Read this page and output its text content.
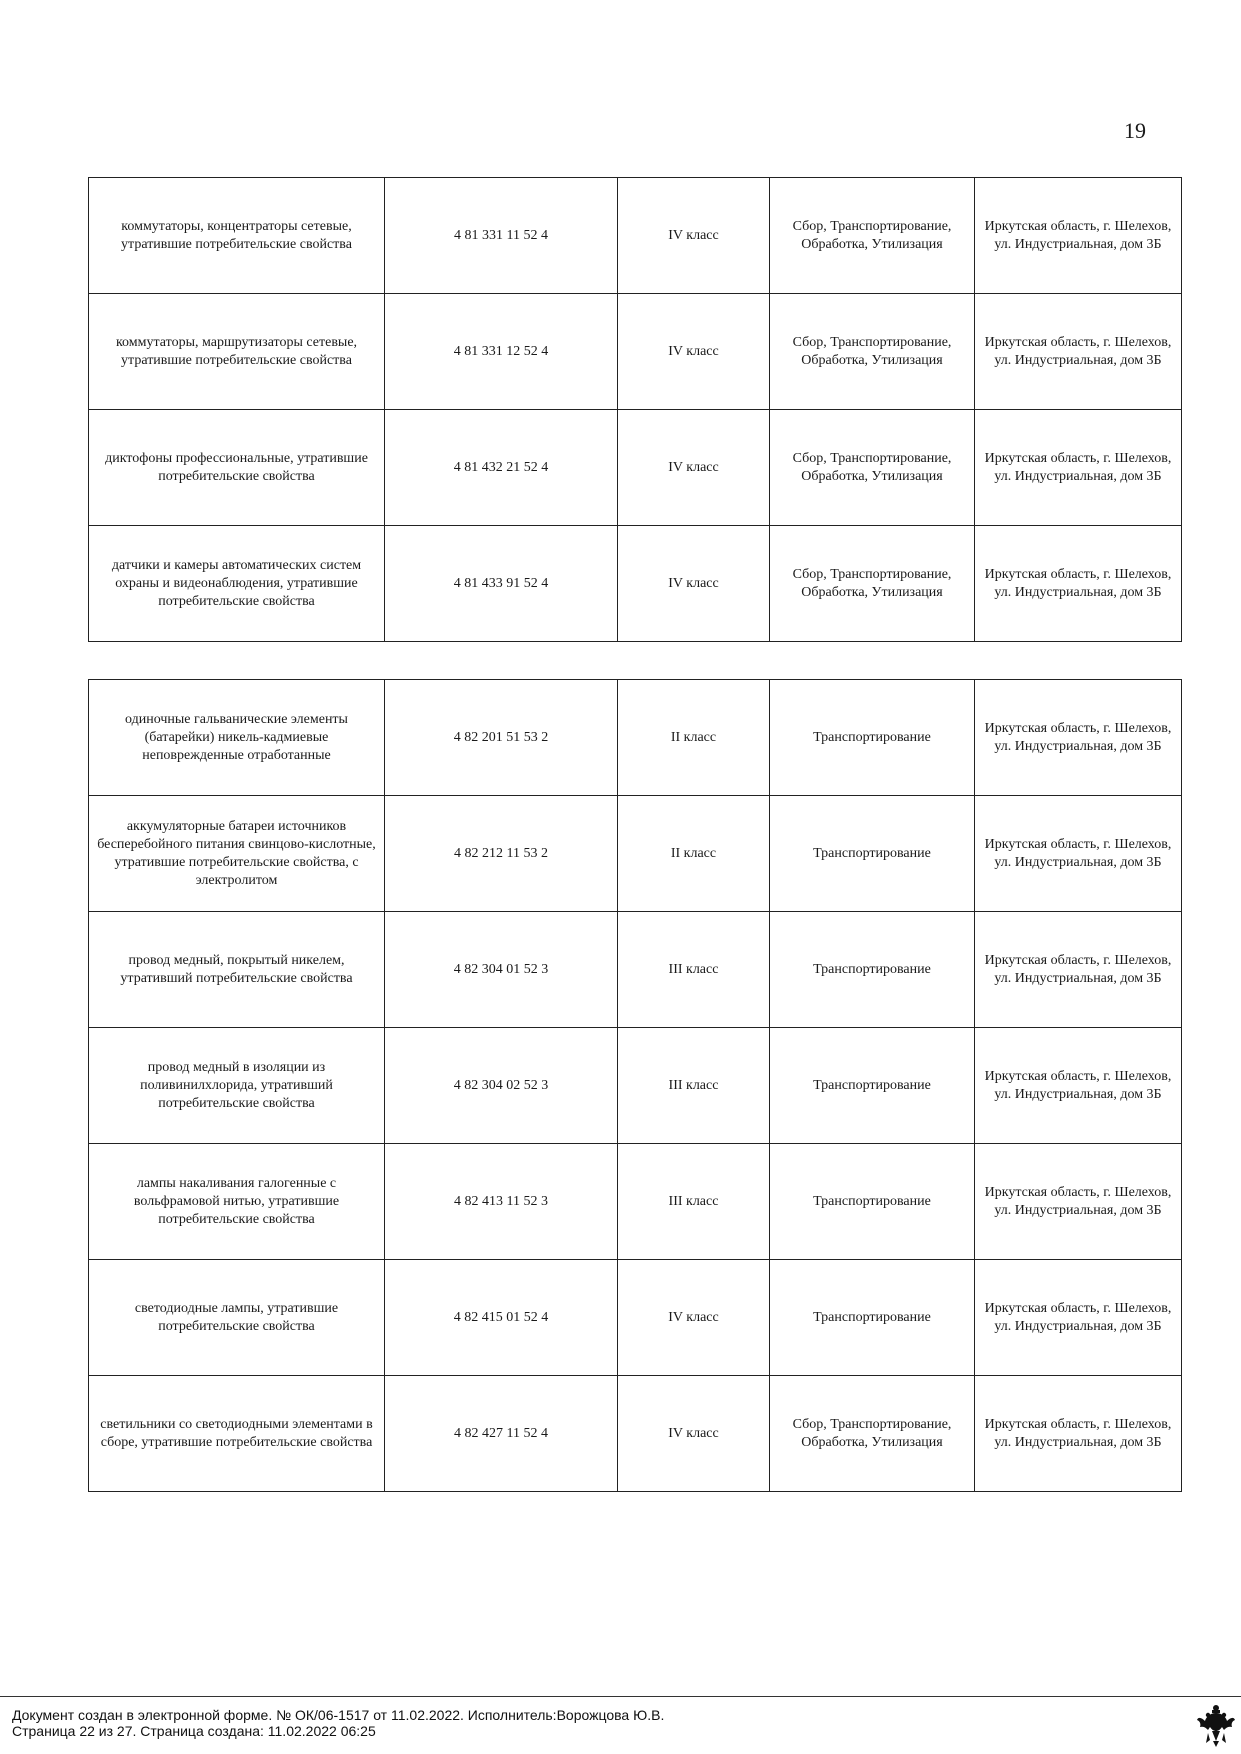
19
коммутаторы, концентраторы сетевые, утратившие потребительские свойства	4 81 331 11 52 4	IV класс	Сбор, Транспортирование, Обработка, Утилизация	Иркутская область, г. Шелехов, ул. Индустриальная, дом 3Б
коммутаторы, маршрутизаторы сетевые, утратившие потребительские свойства	4 81 331 12 52 4	IV класс	Сбор, Транспортирование, Обработка, Утилизация	Иркутская область, г. Шелехов, ул. Индустриальная, дом 3Б
диктофоны профессиональные, утратившие потребительские свойства	4 81 432 21 52 4	IV класс	Сбор, Транспортирование, Обработка, Утилизация	Иркутская область, г. Шелехов, ул. Индустриальная, дом 3Б
датчики и камеры автоматических систем охраны и видеонаблюдения, утратившие потребительские свойства	4 81 433 91 52 4	IV класс	Сбор, Транспортирование, Обработка, Утилизация	Иркутская область, г. Шелехов, ул. Индустриальная, дом 3Б
одиночные гальванические элементы (батарейки) никель-кадмиевые неповрежденные отработанные	4 82 201 51 53 2	II класс	Транспортирование	Иркутская область, г. Шелехов, ул. Индустриальная, дом 3Б
аккумуляторные батареи источников бесперебойного питания свинцово-кислотные, утратившие потребительские свойства, с электролитом	4 82 212 11 53 2	II класс	Транспортирование	Иркутская область, г. Шелехов, ул. Индустриальная, дом 3Б
провод медный, покрытый никелем, утративший потребительские свойства	4 82 304 01 52 3	III класс	Транспортирование	Иркутская область, г. Шелехов, ул. Индустриальная, дом 3Б
провод медный в изоляции из поливинилхлорида, утративший потребительские свойства	4 82 304 02 52 3	III класс	Транспортирование	Иркутская область, г. Шелехов, ул. Индустриальная, дом 3Б
лампы накаливания галогенные с вольфрамовой нитью, утратившие потребительские свойства	4 82 413 11 52 3	III класс	Транспортирование	Иркутская область, г. Шелехов, ул. Индустриальная, дом 3Б
светодиодные лампы, утратившие потребительские свойства	4 82 415 01 52 4	IV класс	Транспортирование	Иркутская область, г. Шелехов, ул. Индустриальная, дом 3Б
светильники со светодиодными элементами в сборе, утратившие потребительские свойства	4 82 427 11 52 4	IV класс	Сбор, Транспортирование, Обработка, Утилизация	Иркутская область, г. Шелехов, ул. Индустриальная, дом 3Б
Документ создан в электронной форме. № ОК/06-1517 от 11.02.2022. Исполнитель:Ворожцова Ю.В.
Страница 22 из 27. Страница создана: 11.02.2022 06:25
